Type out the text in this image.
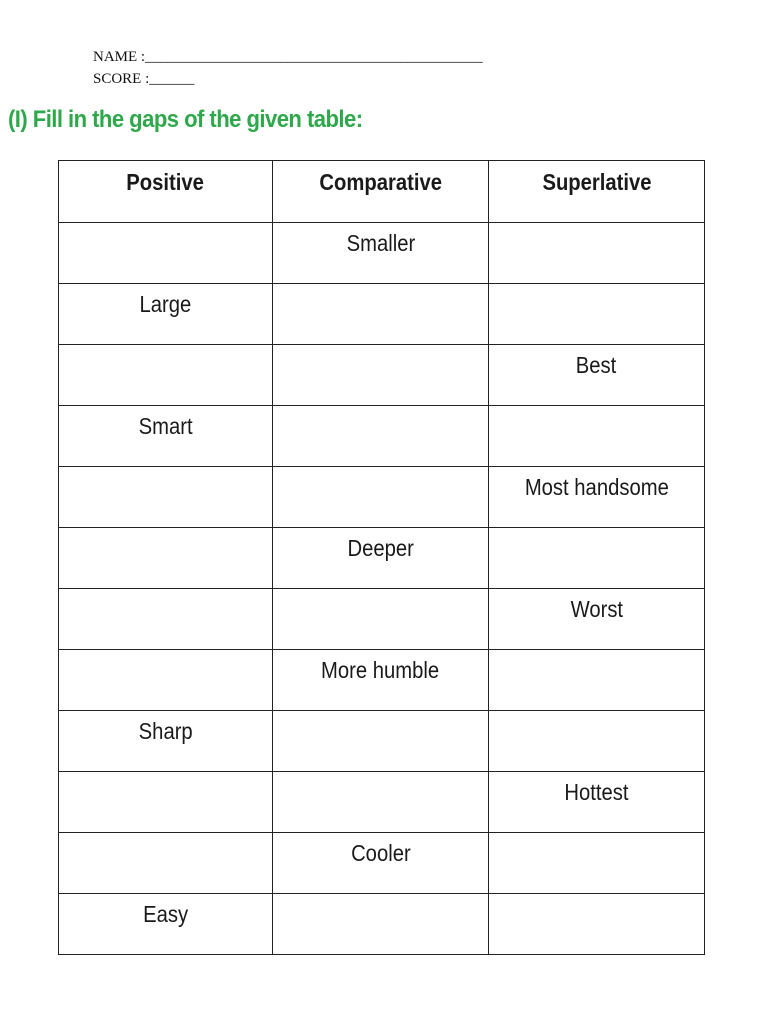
NAME : _____________________________________________
SCORE : ______
(I) Fill in the gaps of the given table:
Positive	Comparative	Superlative
	Smaller	
Large		
		Best
Smart		
		Most handsome
	Deeper	
		Worst
	More humble	
Sharp		
		Hottest
	Cooler	
Easy		
